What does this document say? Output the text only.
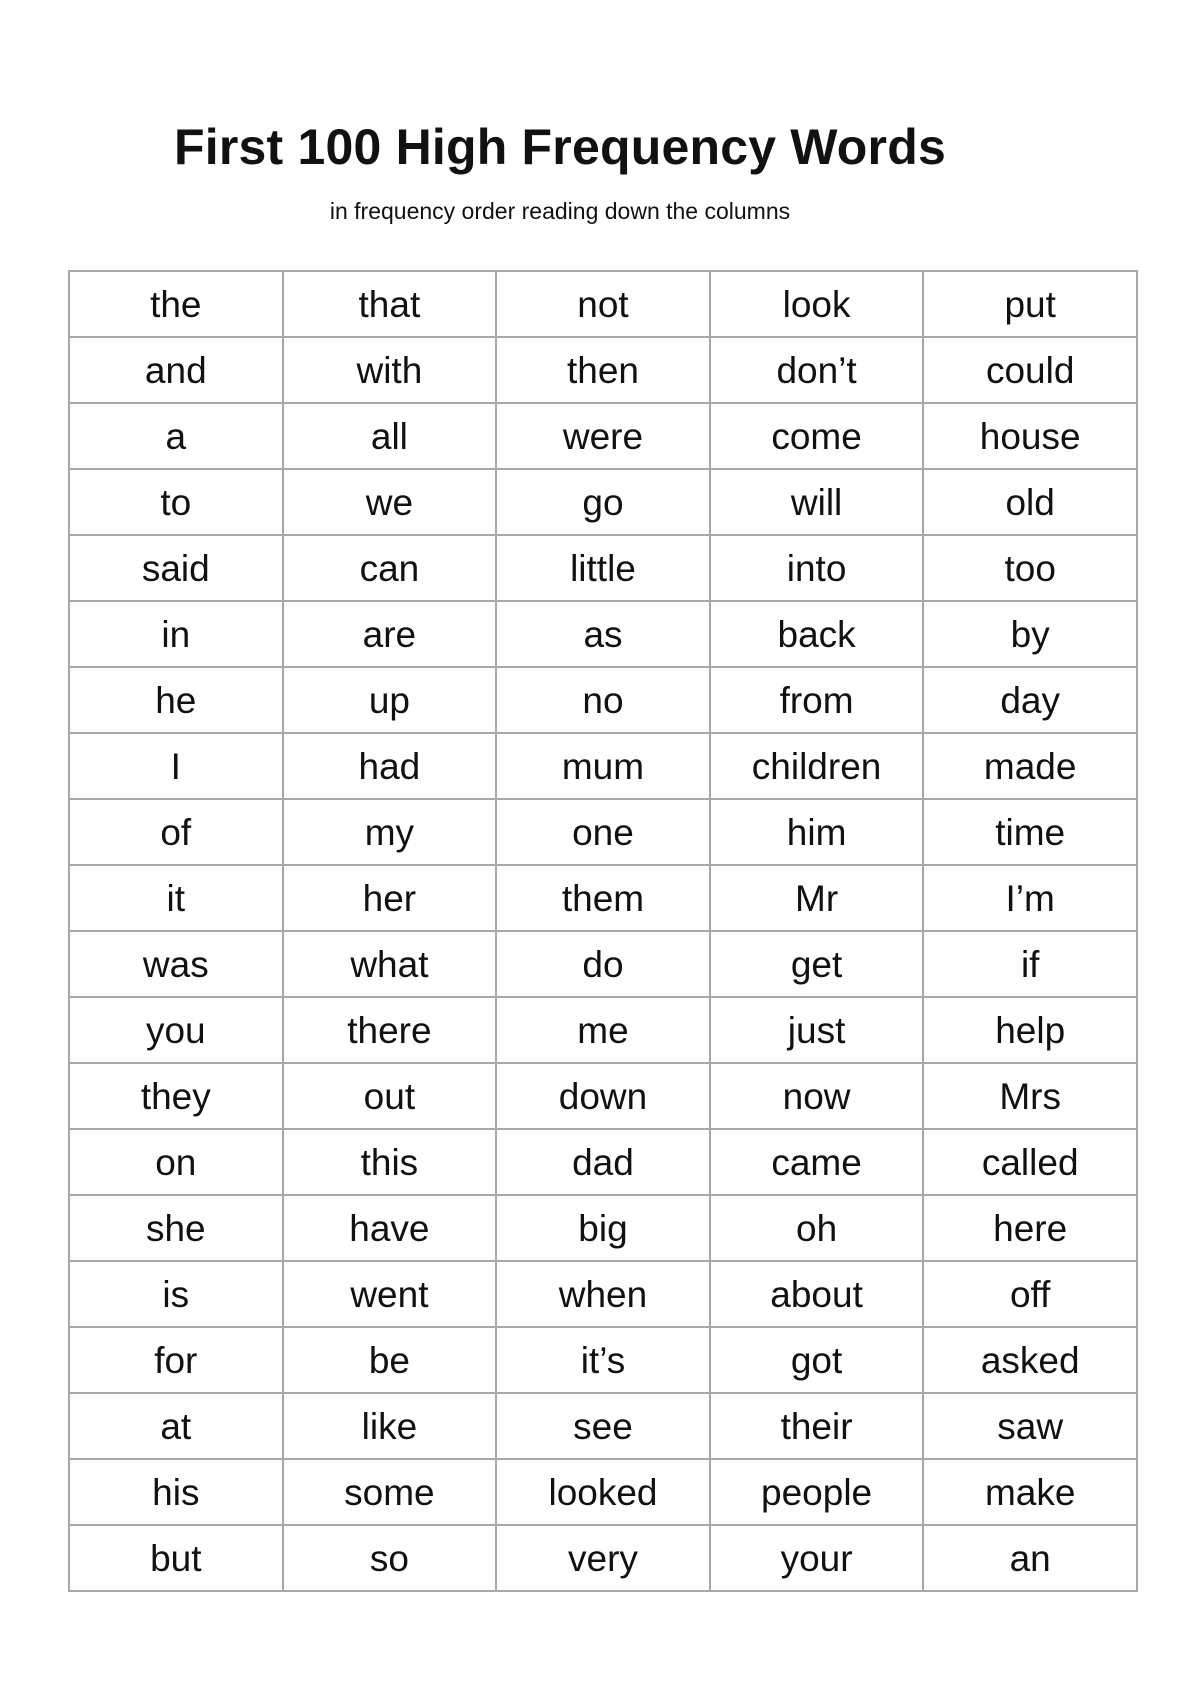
First 100 High Frequency Words

in frequency order reading down the columns

the	that	not	look	put
and	with	then	don’t	could
a	all	were	come	house
to	we	go	will	old
said	can	little	into	too
in	are	as	back	by
he	up	no	from	day
I	had	mum	children	made
of	my	one	him	time
it	her	them	Mr	I’m
was	what	do	get	if
you	there	me	just	help
they	out	down	now	Mrs
on	this	dad	came	called
she	have	big	oh	here
is	went	when	about	off
for	be	it’s	got	asked
at	like	see	their	saw
his	some	looked	people	make
but	so	very	your	an
